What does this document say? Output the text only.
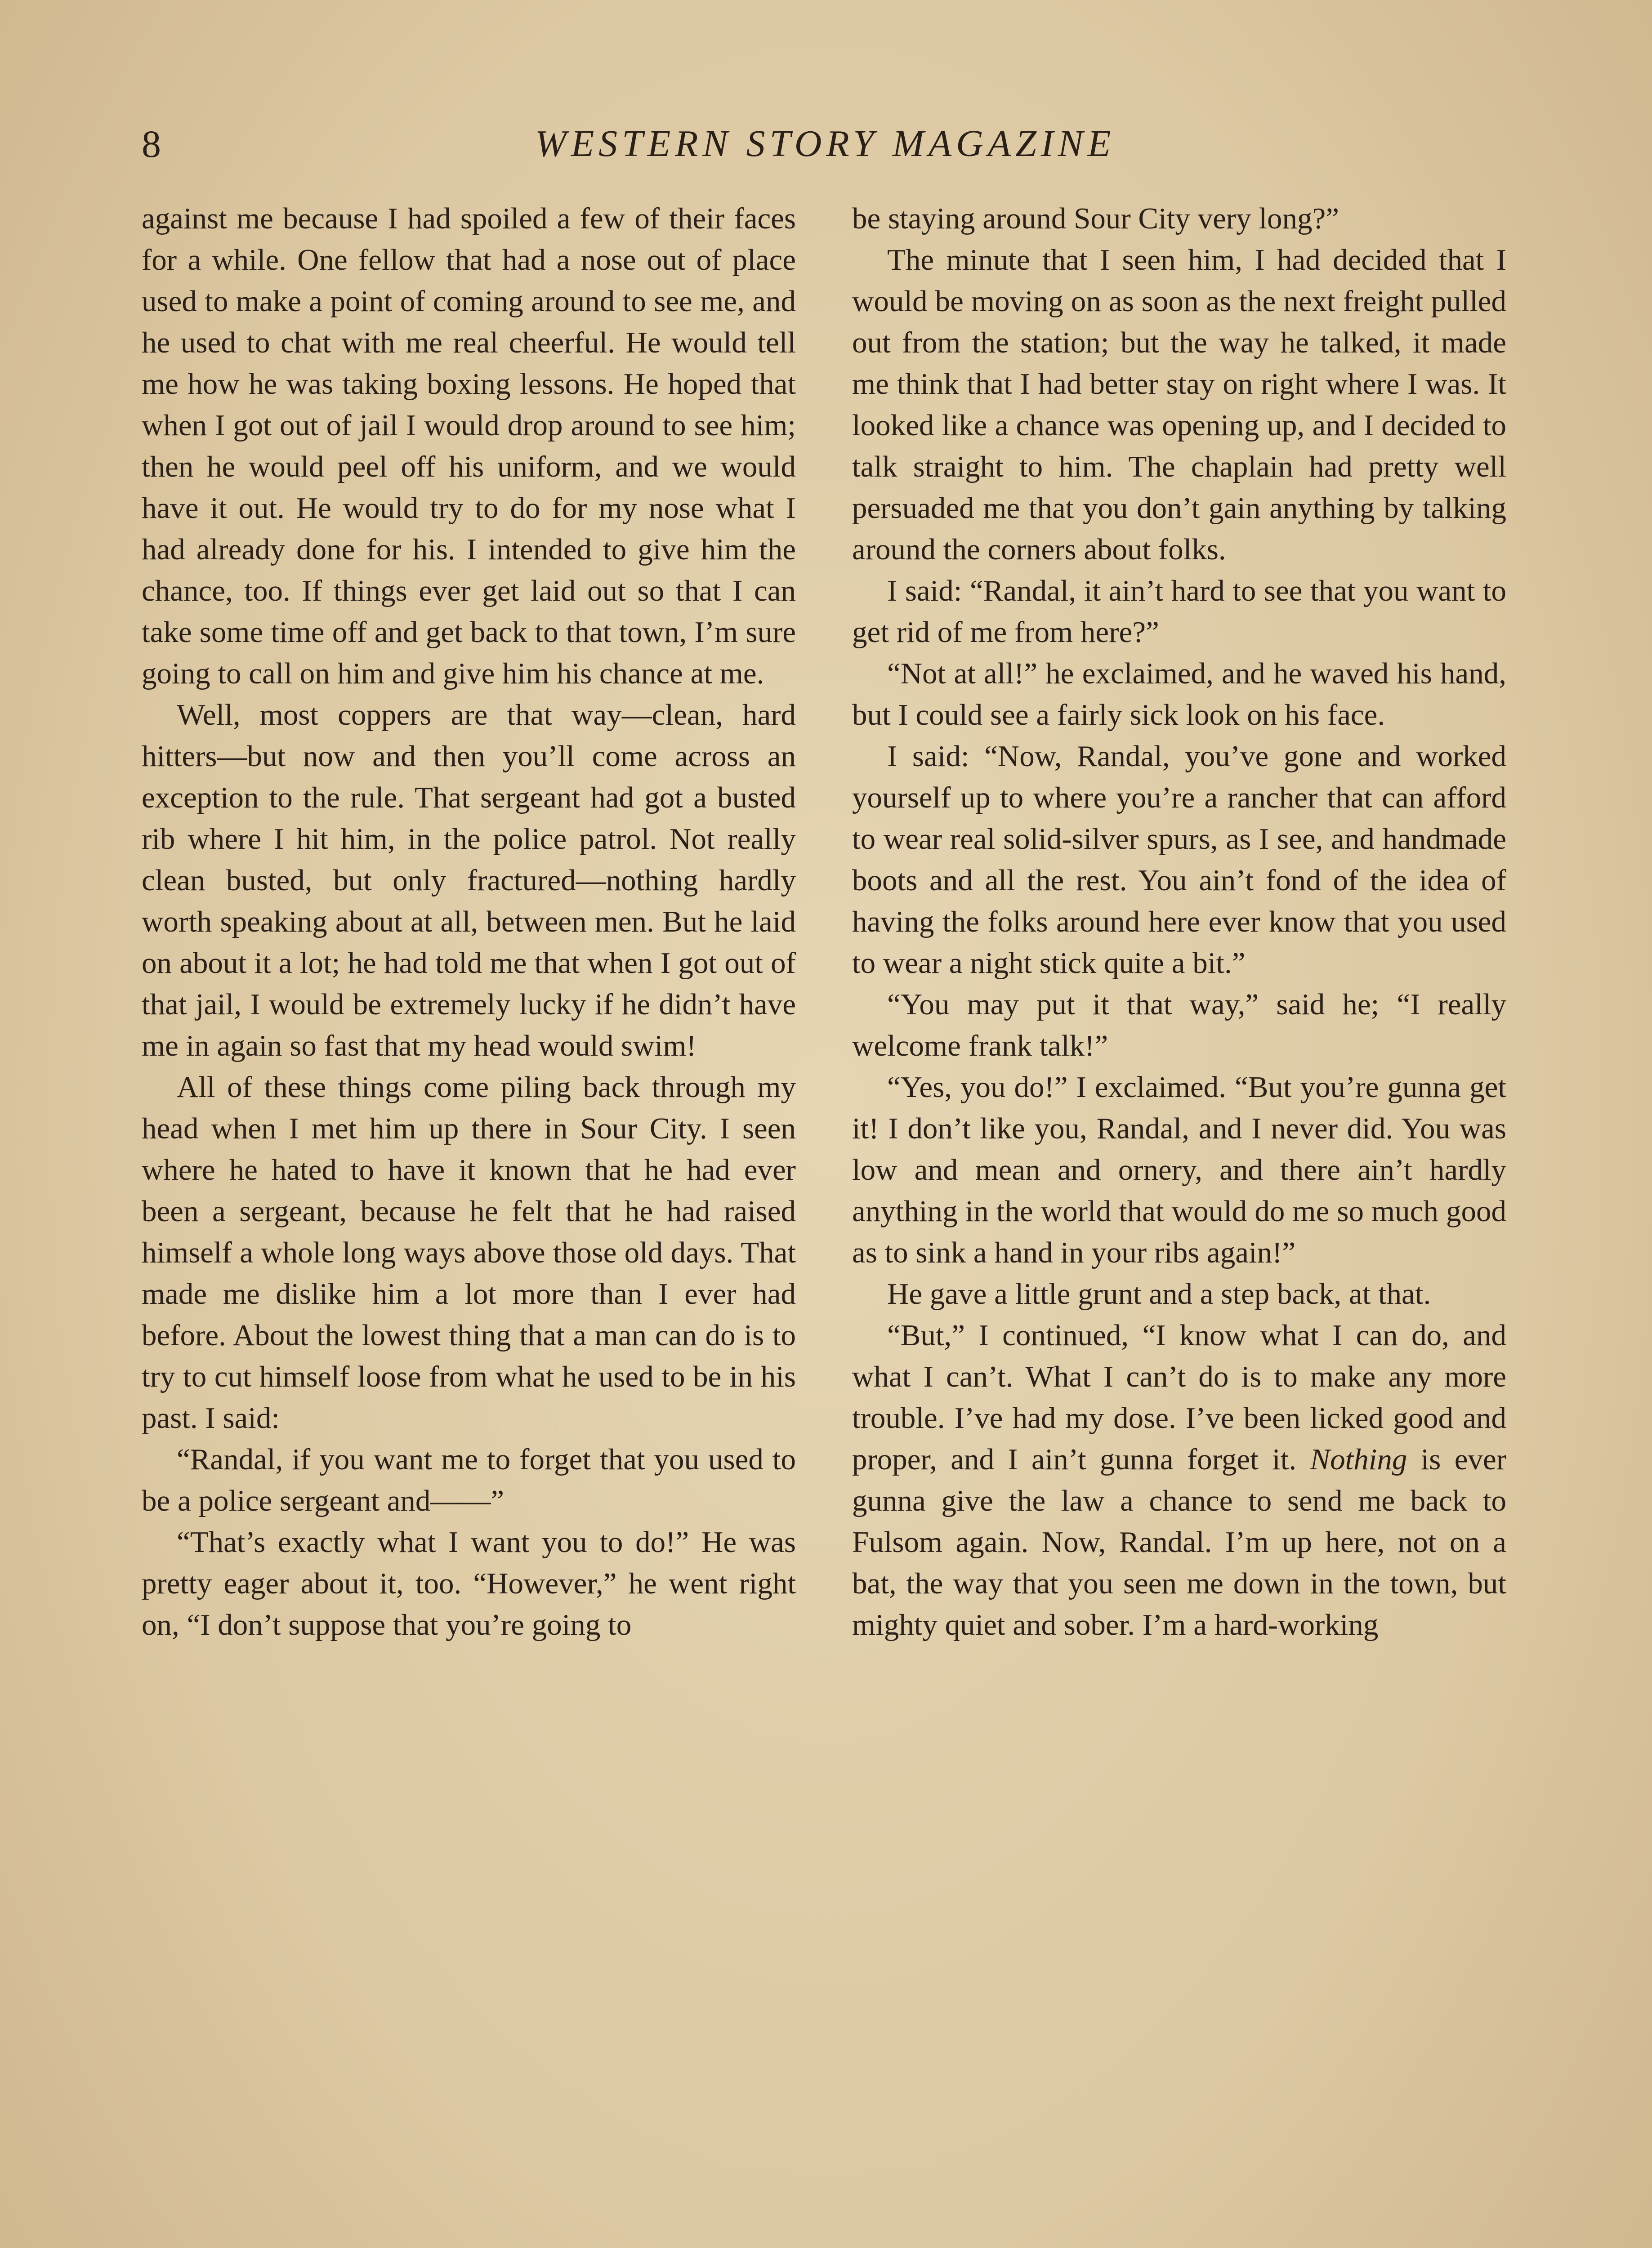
8	WESTERN STORY MAGAZINE

against me because I had spoiled a few of their faces for a while. One fellow that had a nose out of place used to make a point of coming around to see me, and he used to chat with me real cheerful. He would tell me how he was taking boxing lessons. He hoped that when I got out of jail I would drop around to see him; then he would peel off his uniform, and we would have it out. He would try to do for my nose what I had already done for his. I intended to give him the chance, too. If things ever get laid out so that I can take some time off and get back to that town, I’m sure going to call on him and give him his chance at me.

Well, most coppers are that way—clean, hard hitters—but now and then you’ll come across an exception to the rule. That sergeant had got a busted rib where I hit him, in the police patrol. Not really clean busted, but only fractured—nothing hardly worth speaking about at all, between men. But he laid on about it a lot; he had told me that when I got out of that jail, I would be extremely lucky if he didn’t have me in again so fast that my head would swim!

All of these things come piling back through my head when I met him up there in Sour City. I seen where he hated to have it known that he had ever been a sergeant, because he felt that he had raised himself a whole long ways above those old days. That made me dislike him a lot more than I ever had before. About the lowest thing that a man can do is to try to cut himself loose from what he used to be in his past. I said:

“Randal, if you want me to forget that you used to be a police sergeant and——”

“That’s exactly what I want you to do!” He was pretty eager about it, too. “However,” he went right on, “I don’t suppose that you’re going to

be staying around Sour City very long?”

The minute that I seen him, I had decided that I would be moving on as soon as the next freight pulled out from the station; but the way he talked, it made me think that I had better stay on right where I was. It looked like a chance was opening up, and I decided to talk straight to him. The chaplain had pretty well persuaded me that you don’t gain anything by talking around the corners about folks.

I said: “Randal, it ain’t hard to see that you want to get rid of me from here?”

“Not at all!” he exclaimed, and he waved his hand, but I could see a fairly sick look on his face.

I said: “Now, Randal, you’ve gone and worked yourself up to where you’re a rancher that can afford to wear real solid-silver spurs, as I see, and handmade boots and all the rest. You ain’t fond of the idea of having the folks around here ever know that you used to wear a night stick quite a bit.”

“You may put it that way,” said he; “I really welcome frank talk!”

“Yes, you do!” I exclaimed. “But you’re gunna get it! I don’t like you, Randal, and I never did. You was low and mean and ornery, and there ain’t hardly anything in the world that would do me so much good as to sink a hand in your ribs again!”

He gave a little grunt and a step back, at that.

“But,” I continued, “I know what I can do, and what I can’t. What I can’t do is to make any more trouble. I’ve had my dose. I’ve been licked good and proper, and I ain’t gunna forget it. Nothing is ever gunna give the law a chance to send me back to Fulsom again. Now, Randal. I’m up here, not on a bat, the way that you seen me down in the town, but mighty quiet and sober. I’m a hard-working
